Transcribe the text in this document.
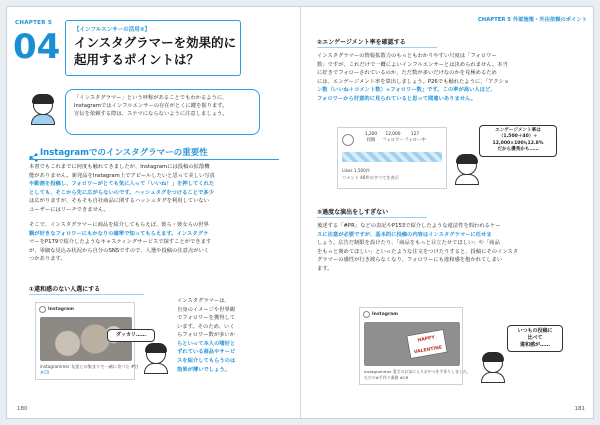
CHAPTER 5
04 【インフルエンサーの活用②】
インスタグラマーを効果的に
起用するポイントは？
「インスタグラマー」という呼称があることでもわかるように、
Instagramではインフルエンサーの存在がとくに鍵を握ります。
宣伝を依頼する際は、ステマにならないように注意しましょう。
Instagramでのインスタグラマーの重要性
本書でもこれまでに何度も触れてきましたが、Instagramには投稿の拡散機
能がありません。新発品をInstagram上でアピールしたいと思って美しい写真
や動画を投稿し、フォロワーがとても気に入って「いいね！」を押してくれた
としても、そこから先に広がらないのです。ハッシュタグをつけることで多少
は広がりますが、そもそも自社商品に関するハッシュタグを利用していない
ユーザーにはリーチできません。
そこで、インスタグラマーに商品を紹介してもらえば、彼ら・彼女らの世界
観が好きなフォロワーにもかなりの確率で知ってもらえます。インスタグラ
マーをP179で紹介したようなキャスティングサービスで探すことができます
が、零細な見込み状況から自分のSNSですので、人選や投稿の注意点がいく
つかあります。
①違和感のない人選にする
Instagram
instagrammer 友達との集まりで一緒に食べた #甘
#CR
ダッカリ……
インスタグラマーは、
自身のイメージや世界観
でフォロワーを獲得して
います。そのため、いく
らフォロワー数が多いか
らといって本人の嗜好と
ずれている商品やサービ
スを紹介してもらうのは
効果が薄いでしょう。
180
CHAPTER 5 外部施策・外注依頼のポイント
②エンゲージメント率を確認する
インスタグラマーの情報拡散力のもっともわかりやすい尺度は「フォロワー
数」ですが、これだけで一概によいインフルエンサーとは決められません。本当
に好きでフォローされているのか、ただ数が多いだけなのかを見極めるため
には、エンゲージメント率を算出しましょう。P26でも触れたように、「アクショ
ン数（いいね＋コメント数）÷フォロワー数」です。この率が高い人ほど、
フォロワーから好意的に見られていると思って間違いありません。
1,200 12,000 127
投稿 フォロワーフォロー中
Likes 1,500件
コメント 40件のすべてを表示
エンゲージメント率は
（1,500＋40）÷
12,000×100≒12.8%
だから優秀かも……
③過度な演出をしすぎない
後述する「#PR」などの表記やP153で紹介したような違法性を問われるケー
スに注意が必要ですが、基本的に投稿の内容はインスタグラマーに任せま
しょう。広告だ制限を設けたり、「商品をもっと目立たせてほしい」や「商品
をもっと褒めてほしい」といったような注文をつけたりすると、投稿にそのインスタ
グラマーの感性が行き渡らなくなり、フォロワーにも違和感を抱かれてしまい
ます。
Instagram
HAPPY VALENTINE
instagrammer 愛犬のお気に入りおやつを手作りしました。
ただの#手作り業務 #CR
いつもの投稿に
比べて
違和感が……
181
